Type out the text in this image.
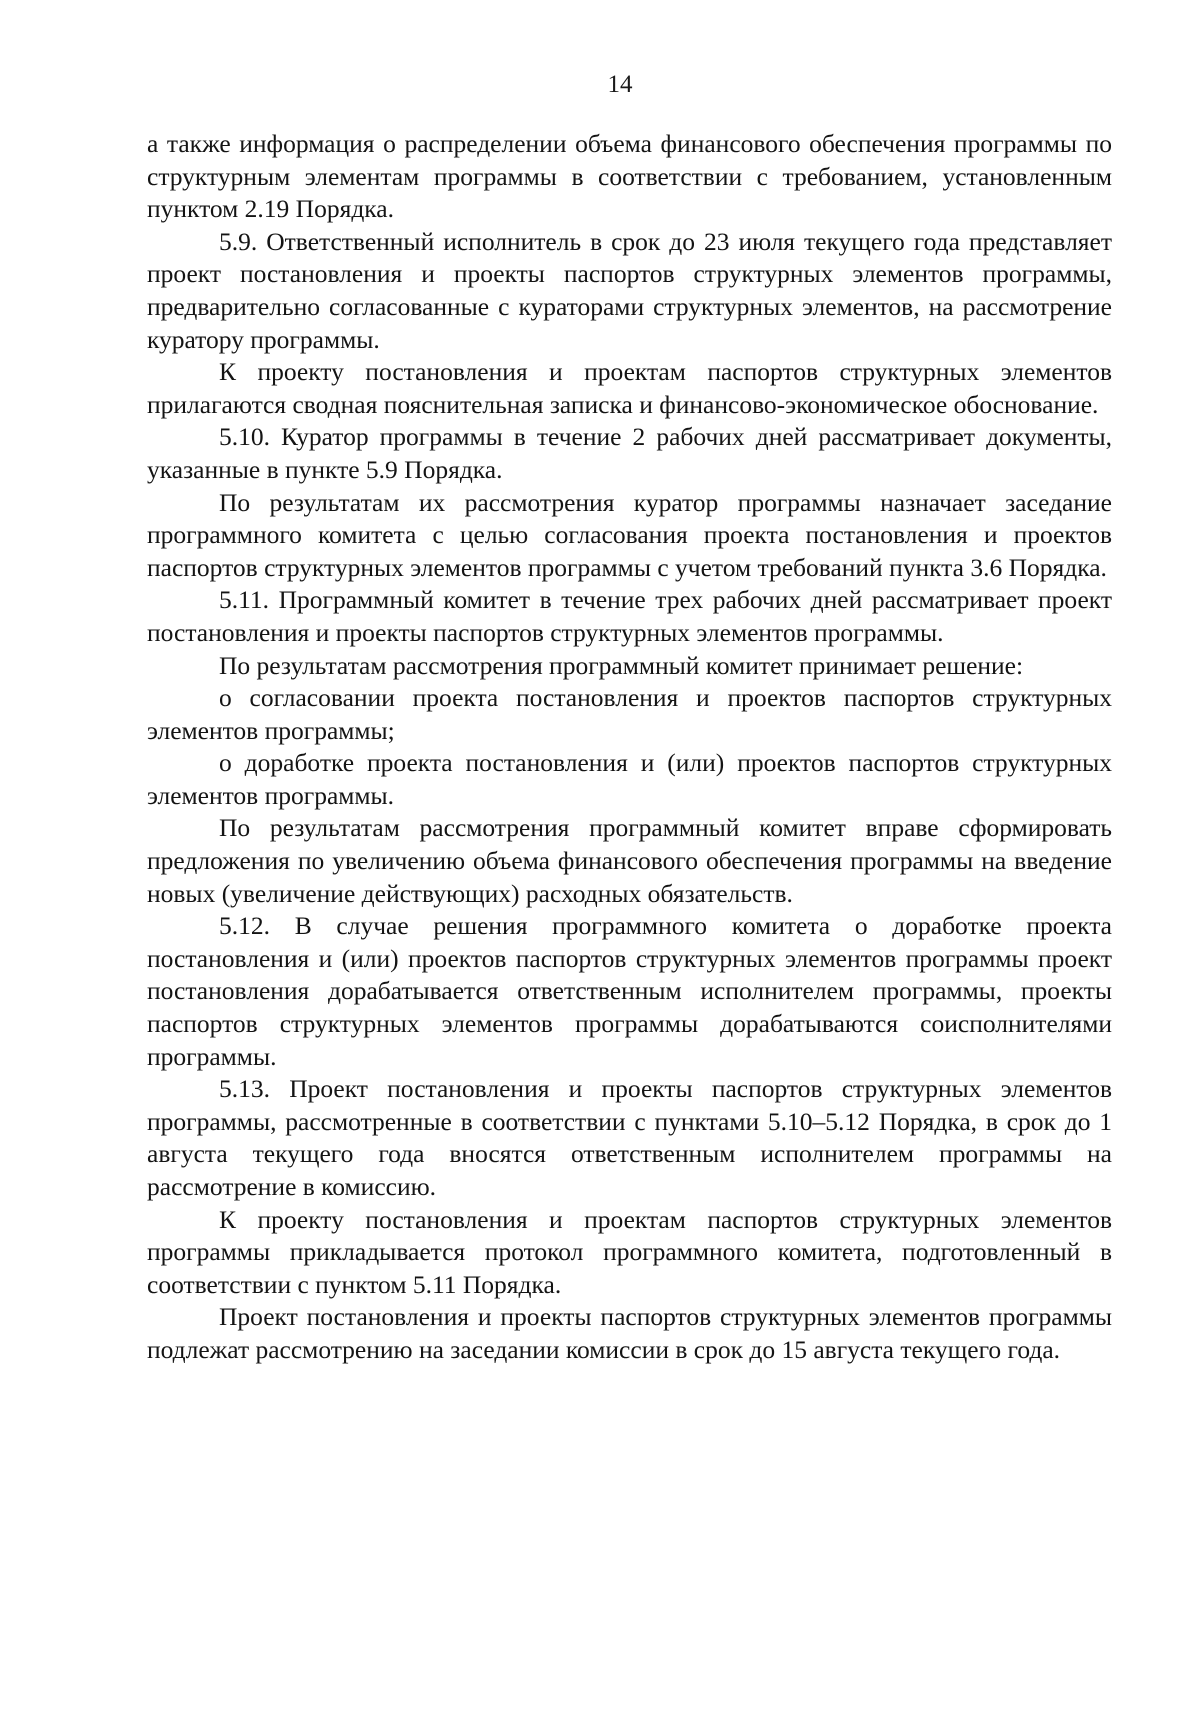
14

а также информация о распределении объема финансового обеспечения программы по структурным элементам программы в соответствии с требованием, установленным пунктом 2.19 Порядка.

5.9. Ответственный исполнитель в срок до 23 июля текущего года представляет проект постановления и проекты паспортов структурных элементов программы, предварительно согласованные с кураторами структурных элементов, на рассмотрение куратору программы.

К проекту постановления и проектам паспортов структурных элементов прилагаются сводная пояснительная записка и финансово-экономическое обоснование.

5.10. Куратор программы в течение 2 рабочих дней рассматривает документы, указанные в пункте 5.9 Порядка.

По результатам их рассмотрения куратор программы назначает заседание программного комитета с целью согласования проекта постановления и проектов паспортов структурных элементов программы с учетом требований пункта 3.6 Порядка.

5.11. Программный комитет в течение трех рабочих дней рассматривает проект постановления и проекты паспортов структурных элементов программы.

По результатам рассмотрения программный комитет принимает решение:

о согласовании проекта постановления и проектов паспортов структурных элементов программы;

о доработке проекта постановления и (или) проектов паспортов структурных элементов программы.

По результатам рассмотрения программный комитет вправе сформировать предложения по увеличению объема финансового обеспечения программы на введение новых (увеличение действующих) расходных обязательств.

5.12. В случае решения программного комитета о доработке проекта постановления и (или) проектов паспортов структурных элементов программы проект постановления дорабатывается ответственным исполнителем программы, проекты паспортов структурных элементов программы дорабатываются соисполнителями программы.

5.13. Проект постановления и проекты паспортов структурных элементов программы, рассмотренные в соответствии с пунктами 5.10–5.12 Порядка, в срок до 1 августа текущего года вносятся ответственным исполнителем программы на рассмотрение в комиссию.

К проекту постановления и проектам паспортов структурных элементов программы прикладывается протокол программного комитета, подготовленный в соответствии с пунктом 5.11 Порядка.

Проект постановления и проекты паспортов структурных элементов программы подлежат рассмотрению на заседании комиссии в срок до 15 августа текущего года.
